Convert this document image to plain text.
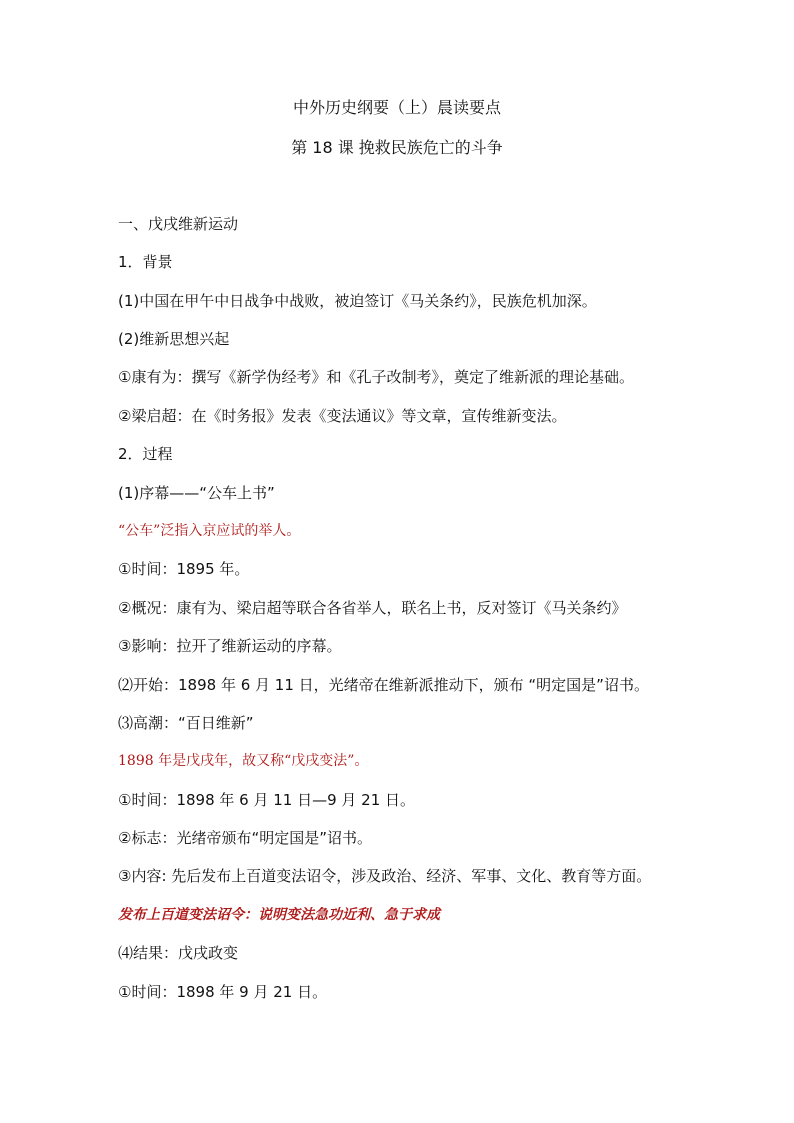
中外历史纲要（上）晨读要点
第 18 课 挽救民族危亡的斗争
一、戊戌维新运动
1．背景
(1)中国在甲午中日战争中战败，被迫签订《马关条约》，民族危机加深。
(2)维新思想兴起
①康有为：撰写《新学伪经考》和《孔子改制考》，奠定了维新派的理论基础。
②梁启超：在《时务报》发表《变法通议》等文章，宣传维新变法。
2．过程
(1)序幕——“公车上书”
“公车”泛指入京应试的举人。
①时间：1895 年。
②概况：康有为、梁启超等联合各省举人，联名上书，反对签订《马关条约》
③影响：拉开了维新运动的序幕。
⑵开始：1898 年 6 月 11 日，光绪帝在维新派推动下，颁布 “明定国是”诏书。
⑶高潮：“百日维新”
1898 年是戊戌年，故又称“戊戌变法”。
①时间：1898 年 6 月 11 日—9 月 21 日。
②标志：光绪帝颁布“明定国是”诏书。
③内容: 先后发布上百道变法诏令，涉及政治、经济、军事、文化、教育等方面。
发布上百道变法诏令：说明变法急功近利、急于求成
⑷结果：戊戌政变
①时间：1898 年 9 月 21 日。
